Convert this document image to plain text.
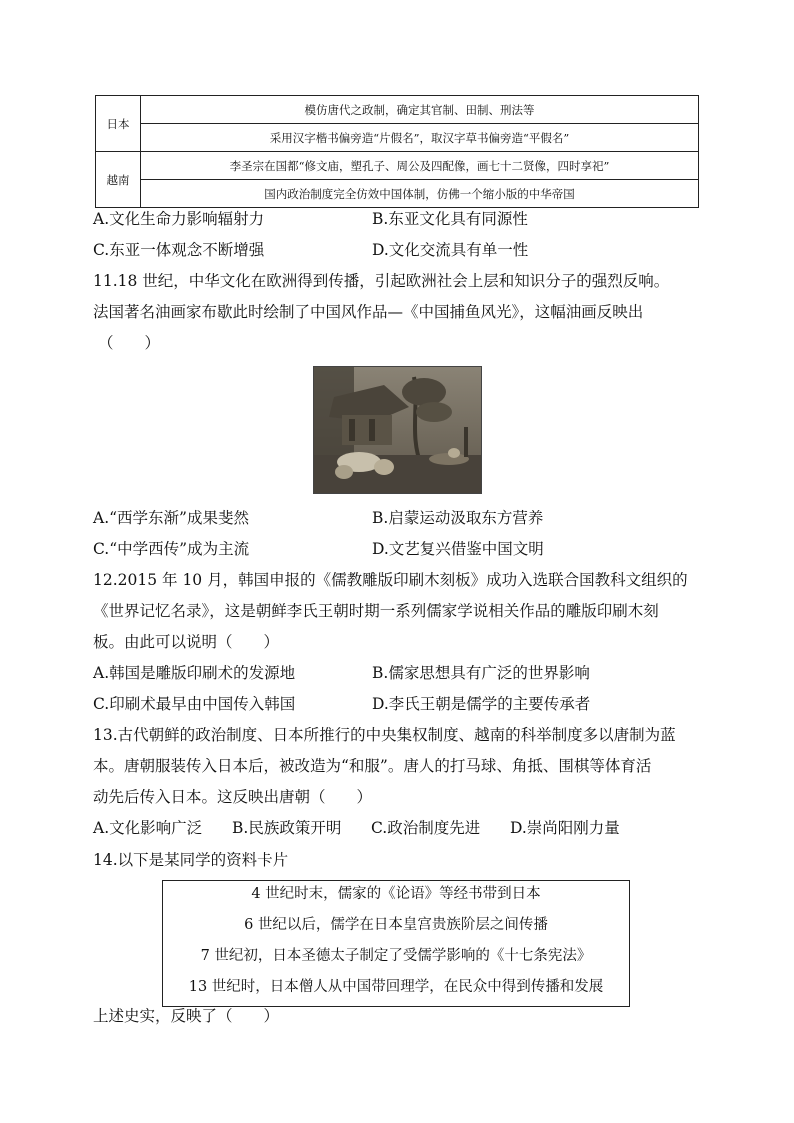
日本	模仿唐代之政制，确定其官制、田制、刑法等
	采用汉字楷书偏旁造“片假名”，取汉字草书偏旁造“平假名”
越南	李圣宗在国都“修文庙，塑孔子、周公及四配像，画七十二贤像，四时享祀”
	国内政治制度完全仿效中国体制，仿佛一个缩小版的中华帝国
A.文化生命力影响辐射力	B.东亚文化具有同源性
C.东亚一体观念不断增强	D.文化交流具有单一性
11.18 世纪，中华文化在欧洲得到传播，引起欧洲社会上层和知识分子的强烈反响。
法国著名油画家布歇此时绘制了中国风作品—《中国捕鱼风光》，这幅油画反映出
（　　）
A.“西学东渐”成果斐然	B.启蒙运动汲取东方营养
C.“中学西传”成为主流	D.文艺复兴借鉴中国文明
12.2015 年 10 月，韩国申报的《儒教雕版印刷木刻板》成功入选联合国教科文组织的
《世界记忆名录》，这是朝鲜李氏王朝时期一系列儒家学说相关作品的雕版印刷木刻
板。由此可以说明（　　）
A.韩国是雕版印刷术的发源地	B.儒家思想具有广泛的世界影响
C.印刷术最早由中国传入韩国	D.李氏王朝是儒学的主要传承者
13.古代朝鲜的政治制度、日本所推行的中央集权制度、越南的科举制度多以唐制为蓝
本。唐朝服装传入日本后，被改造为“和服”。唐人的打马球、角抵、围棋等体育活
动先后传入日本。这反映出唐朝（　　）
A.文化影响广泛 B.民族政策开明 C.政治制度先进 D.崇尚阳刚力量
14.以下是某同学的资料卡片
4 世纪时末，儒家的《论语》等经书带到日本
6 世纪以后，儒学在日本皇宫贵族阶层之间传播
7 世纪初，日本圣德太子制定了受儒学影响的《十七条宪法》
13 世纪时，日本僧人从中国带回理学，在民众中得到传播和发展
上述史实，反映了（　　）
